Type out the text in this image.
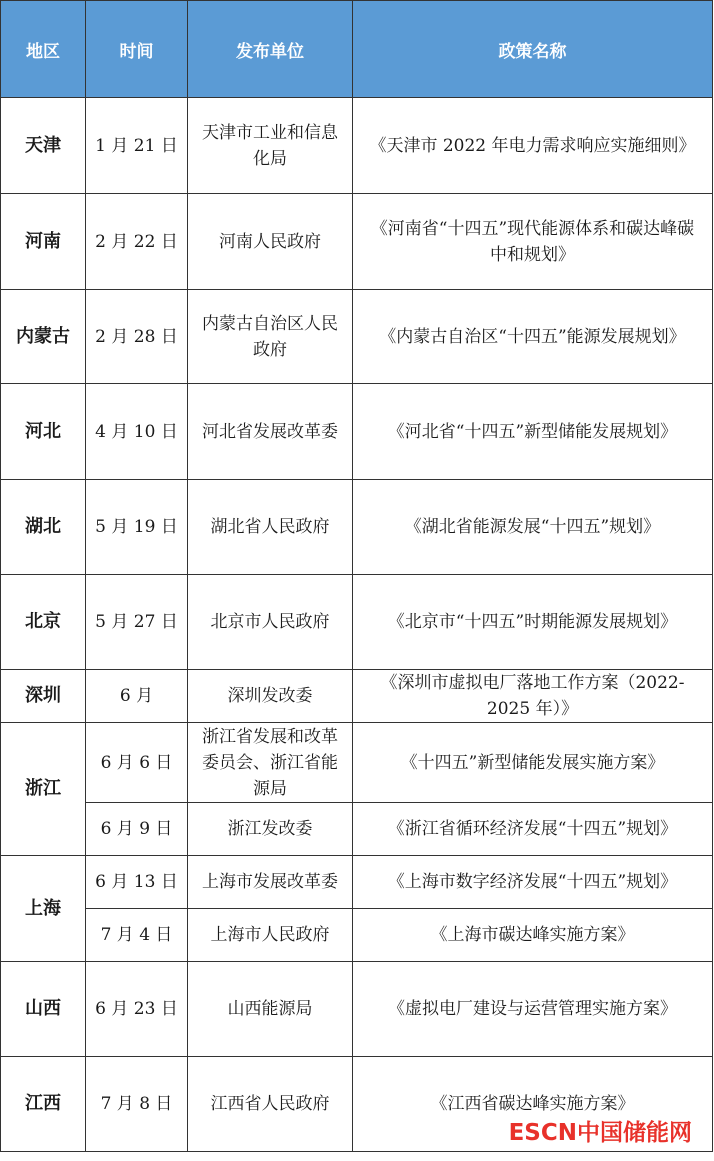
地区	时间	发布单位	政策名称
天津	1 月 21 日	天津市工业和信息化局	《天津市 2022 年电力需求响应实施细则》
河南	2 月 22 日	河南人民政府	《河南省“十四五”现代能源体系和碳达峰碳中和规划》
内蒙古	2 月 28 日	内蒙古自治区人民政府	《内蒙古自治区“十四五”能源发展规划》
河北	4 月 10 日	河北省发展改革委	《河北省“十四五”新型储能发展规划》
湖北	5 月 19 日	湖北省人民政府	《湖北省能源发展“十四五”规划》
北京	5 月 27 日	北京市人民政府	《北京市“十四五”时期能源发展规划》
深圳	6 月	深圳发改委	《深圳市虚拟电厂落地工作方案（2022-2025 年）》
浙江	6 月 6 日	浙江省发展和改革委员会、浙江省能源局	《十四五”新型储能发展实施方案》
	6 月 9 日	浙江发改委	《浙江省循环经济发展“十四五”规划》
上海	6 月 13 日	上海市发展改革委	《上海市数字经济发展“十四五”规划》
	7 月 4 日	上海市人民政府	《上海市碳达峰实施方案》
山西	6 月 23 日	山西能源局	《虚拟电厂建设与运营管理实施方案》
江西	7 月 8 日	江西省人民政府	《江西省碳达峰实施方案》
ESCN中国储能网
